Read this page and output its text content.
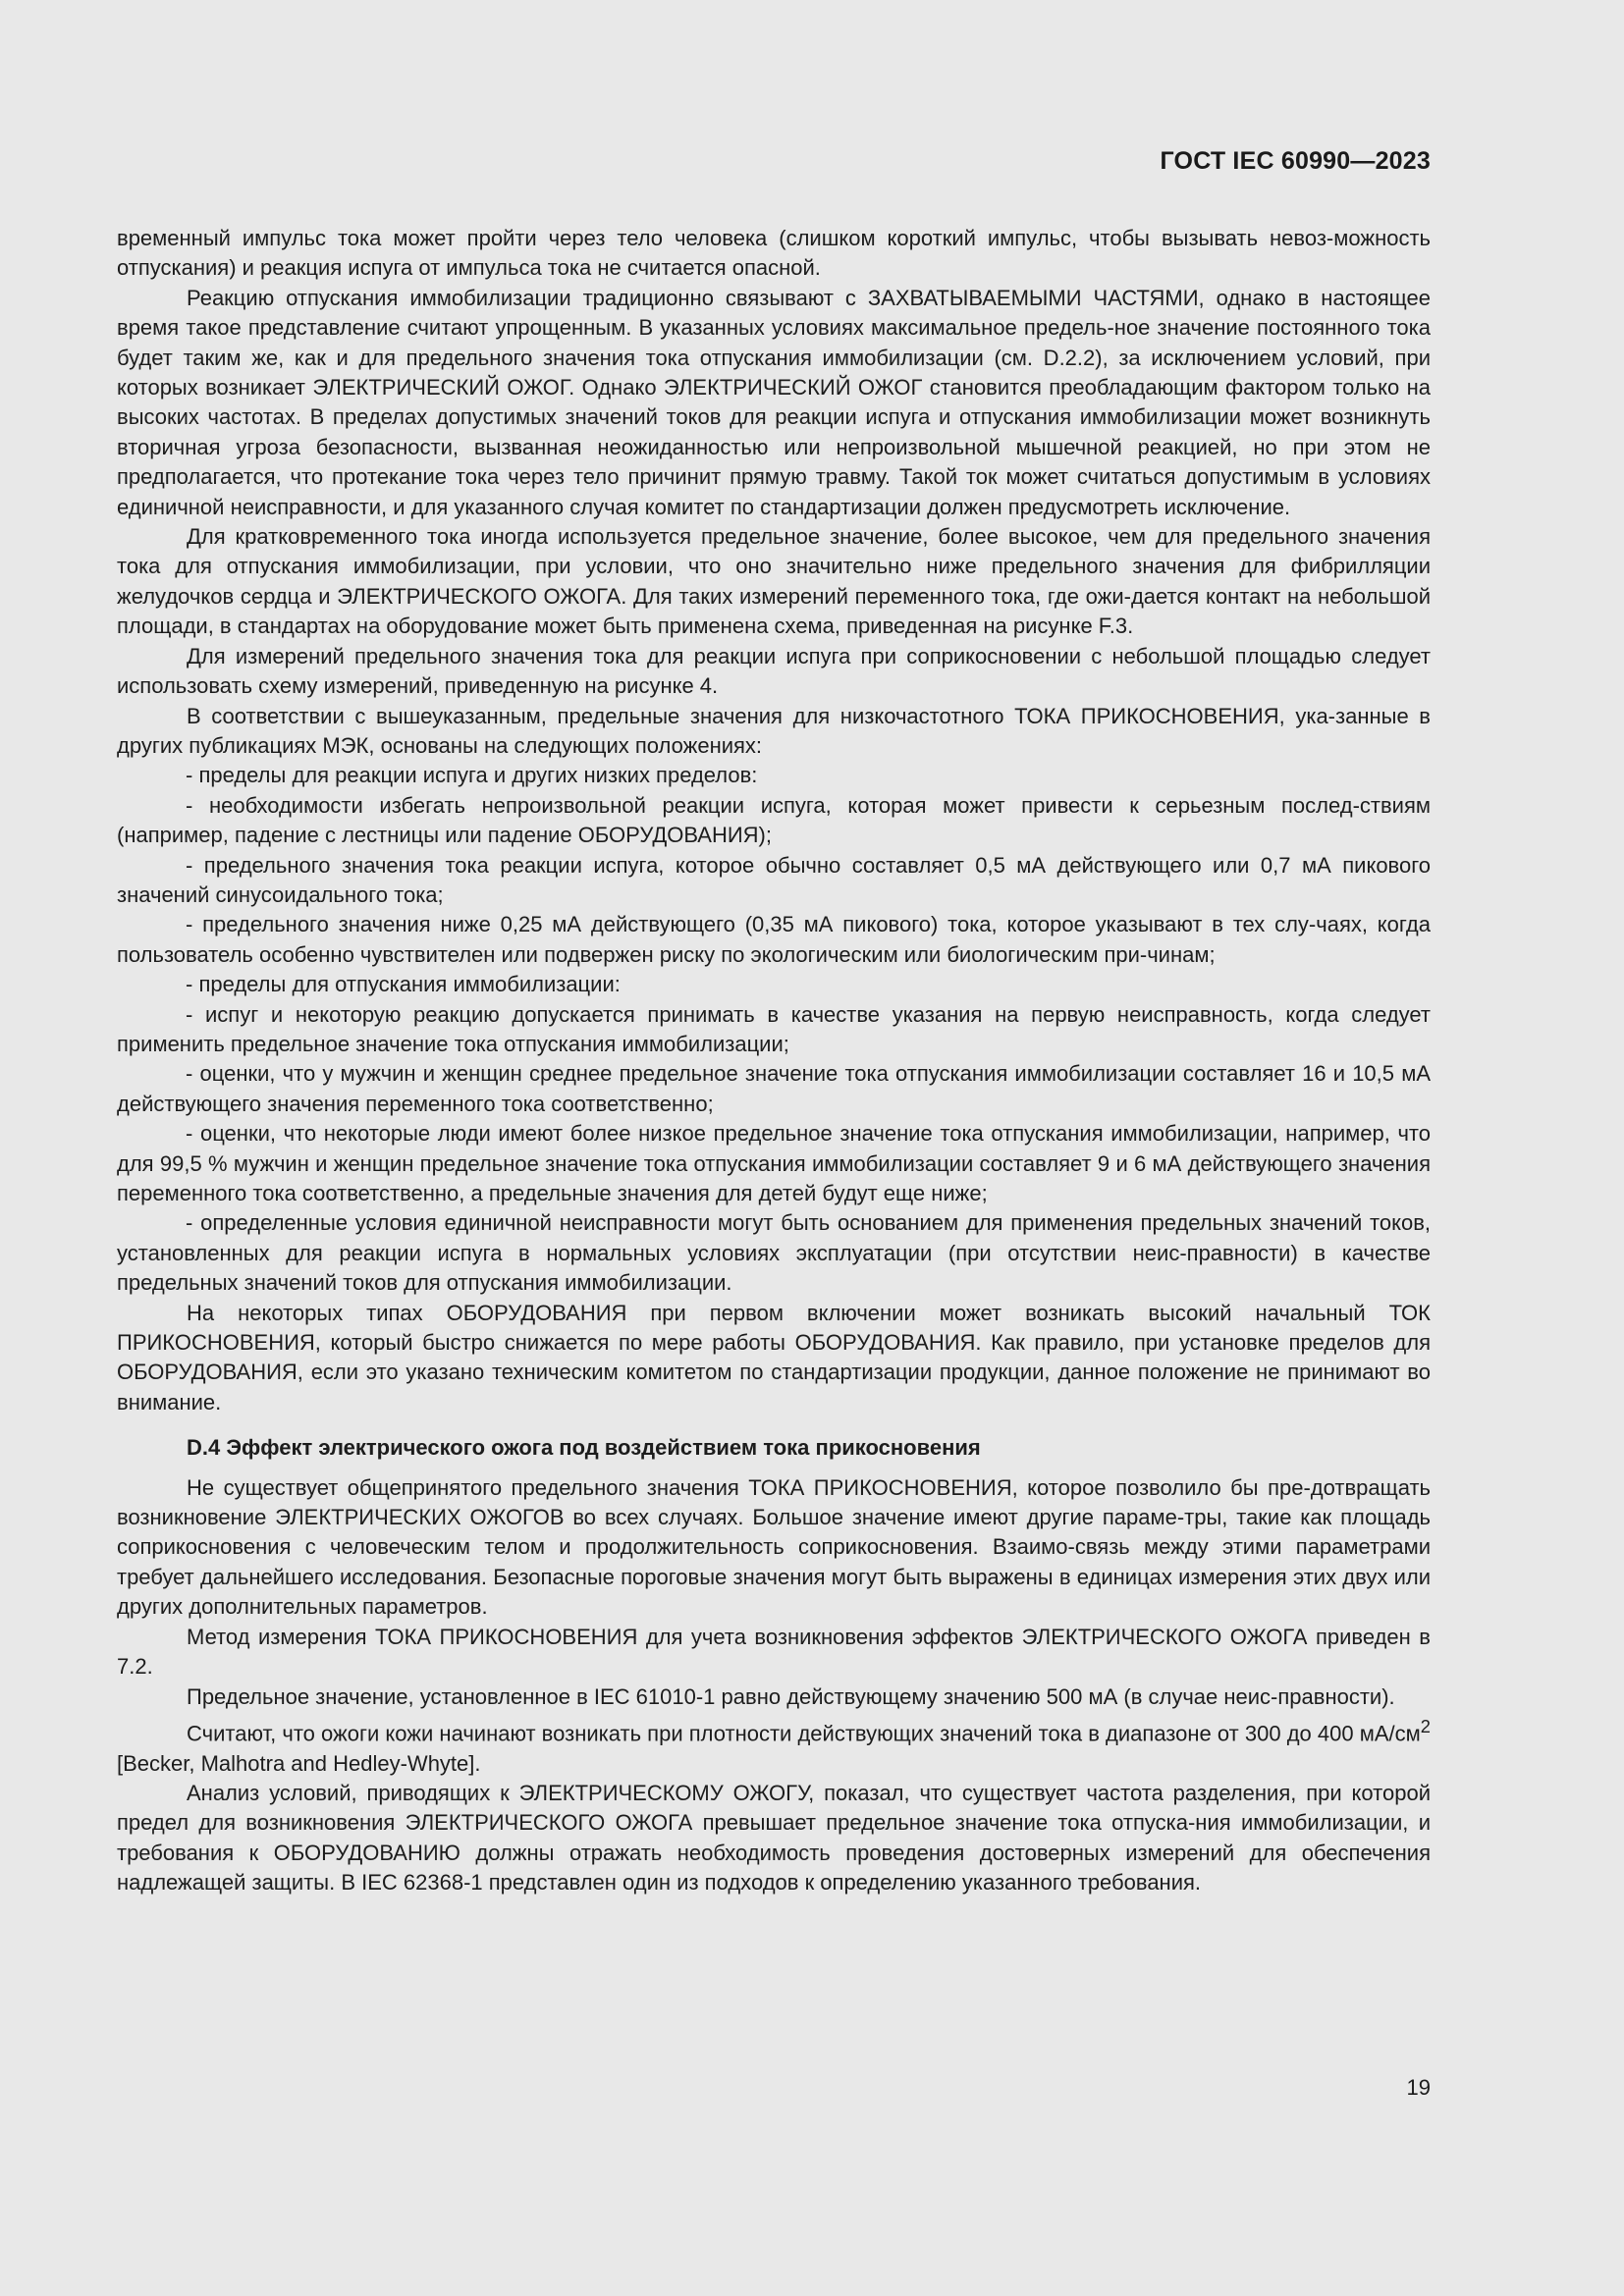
ГОСТ IEC 60990—2023

временный импульс тока может пройти через тело человека (слишком короткий импульс, чтобы вызывать невоз-можность отпускания) и реакция испуга от импульса тока не считается опасной.

Реакцию отпускания иммобилизации традиционно связывают с ЗАХВАТЫВАЕМЫМИ ЧАСТЯМИ, однако в настоящее время такое представление считают упрощенным. В указанных условиях максимальное предель-ное значение постоянного тока будет таким же, как и для предельного значения тока отпускания иммобилизации (см. D.2.2), за исключением условий, при которых возникает ЭЛЕКТРИЧЕСКИЙ ОЖОГ. Однако ЭЛЕКТРИЧЕСКИЙ ОЖОГ становится преобладающим фактором только на высоких частотах. В пределах допустимых значений токов для реакции испуга и отпускания иммобилизации может возникнуть вторичная угроза безопасности, вызванная неожиданностью или непроизвольной мышечной реакцией, но при этом не предполагается, что протекание тока через тело причинит прямую травму. Такой ток может считаться допустимым в условиях единичной неисправности, и для указанного случая комитет по стандартизации должен предусмотреть исключение.

Для кратковременного тока иногда используется предельное значение, более высокое, чем для предельного значения тока для отпускания иммобилизации, при условии, что оно значительно ниже предельного значения для фибрилляции желудочков сердца и ЭЛЕКТРИЧЕСКОГО ОЖОГА. Для таких измерений переменного тока, где ожи-дается контакт на небольшой площади, в стандартах на оборудование может быть применена схема, приведенная на рисунке F.3.

Для измерений предельного значения тока для реакции испуга при соприкосновении с небольшой площадью следует использовать схему измерений, приведенную на рисунке 4.

В соответствии с вышеуказанным, предельные значения для низкочастотного ТОКА ПРИКОСНОВЕНИЯ, ука-занные в других публикациях МЭК, основаны на следующих положениях:

- пределы для реакции испуга и других низких пределов:

- необходимости избегать непроизвольной реакции испуга, которая может привести к серьезным послед-ствиям (например, падение с лестницы или падение ОБОРУДОВАНИЯ);

- предельного значения тока реакции испуга, которое обычно составляет 0,5 мА действующего или 0,7 мА пикового значений синусоидального тока;

- предельного значения ниже 0,25 мА действующего (0,35 мА пикового) тока, которое указывают в тех слу-чаях, когда пользователь особенно чувствителен или подвержен риску по экологическим или биологическим при-чинам;

- пределы для отпускания иммобилизации:

- испуг и некоторую реакцию допускается принимать в качестве указания на первую неисправность, когда следует применить предельное значение тока отпускания иммобилизации;

- оценки, что у мужчин и женщин среднее предельное значение тока отпускания иммобилизации составляет 16 и 10,5 мА действующего значения переменного тока соответственно;

- оценки, что некоторые люди имеют более низкое предельное значение тока отпускания иммобилизации, например, что для 99,5 % мужчин и женщин предельное значение тока отпускания иммобилизации составляет 9 и 6 мА действующего значения переменного тока соответственно, а предельные значения для детей будут еще ниже;

- определенные условия единичной неисправности могут быть основанием для применения предельных значений токов, установленных для реакции испуга в нормальных условиях эксплуатации (при отсутствии неис-правности) в качестве предельных значений токов для отпускания иммобилизации.

На некоторых типах ОБОРУДОВАНИЯ при первом включении может возникать высокий начальный ТОК ПРИКОСНОВЕНИЯ, который быстро снижается по мере работы ОБОРУДОВАНИЯ. Как правило, при установке пределов для ОБОРУДОВАНИЯ, если это указано техническим комитетом по стандартизации продукции, данное положение не принимают во внимание.

D.4 Эффект электрического ожога под воздействием тока прикосновения

Не существует общепринятого предельного значения ТОКА ПРИКОСНОВЕНИЯ, которое позволило бы пре-дотвращать возникновение ЭЛЕКТРИЧЕСКИХ ОЖОГОВ во всех случаях. Большое значение имеют другие параме-тры, такие как площадь соприкосновения с человеческим телом и продолжительность соприкосновения. Взаимо-связь между этими параметрами требует дальнейшего исследования. Безопасные пороговые значения могут быть выражены в единицах измерения этих двух или других дополнительных параметров.

Метод измерения ТОКА ПРИКОСНОВЕНИЯ для учета возникновения эффектов ЭЛЕКТРИЧЕСКОГО ОЖОГА приведен в 7.2.

Предельное значение, установленное в IEC 61010-1 равно действующему значению 500 мА (в случае неис-правности).

Считают, что ожоги кожи начинают возникать при плотности действующих значений тока в диапазоне от 300 до 400 $мА/см^2$ [Becker, Malhotra and Hedley-Whyte].

Анализ условий, приводящих к ЭЛЕКТРИЧЕСКОМУ ОЖОГУ, показал, что существует частота разделения, при которой предел для возникновения ЭЛЕКТРИЧЕСКОГО ОЖОГА превышает предельное значение тока отпуска-ния иммобилизации, и требования к ОБОРУДОВАНИЮ должны отражать необходимость проведения достоверных измерений для обеспечения надлежащей защиты. В IEC 62368-1 представлен один из подходов к определению указанного требования.

19
